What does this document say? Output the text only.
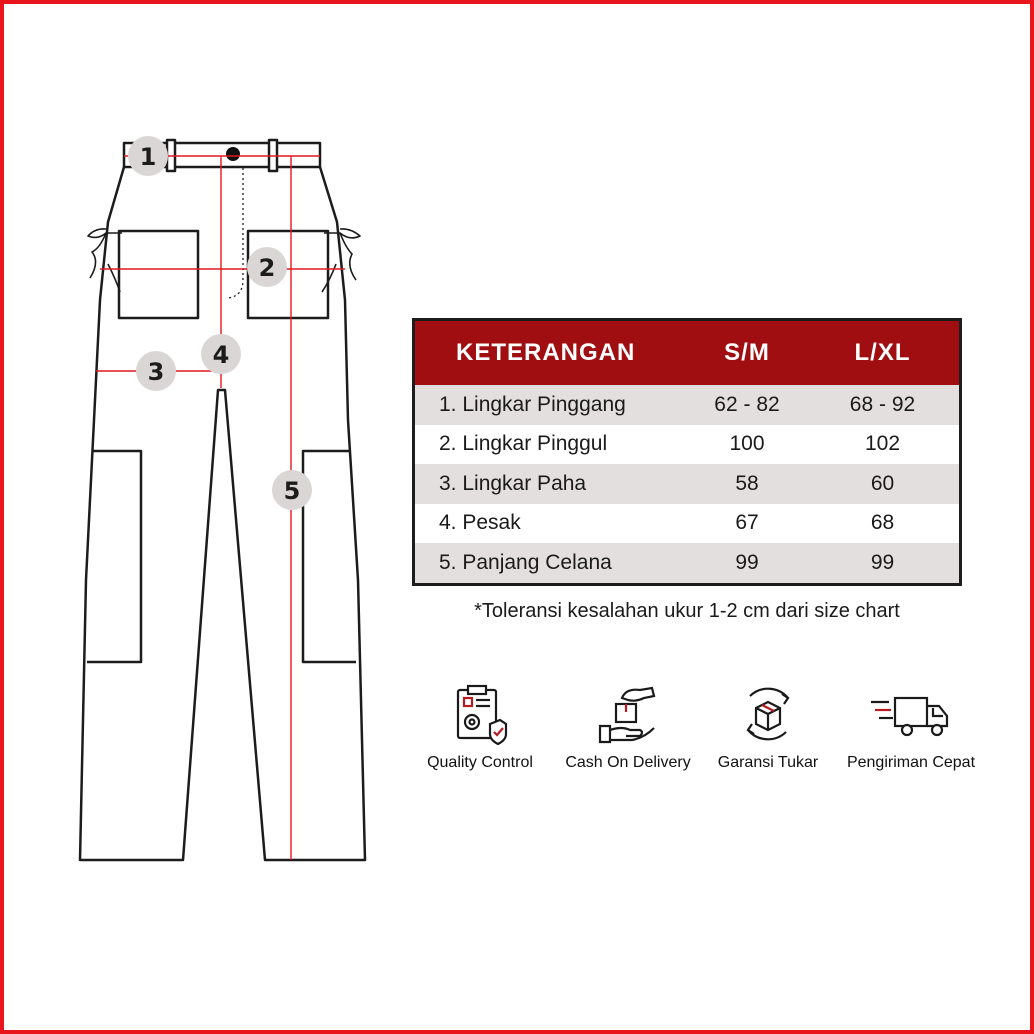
1
2
3
4
5
KETERANGAN	S/M	L/XL
1. Lingkar Pinggang	62 - 82	68 - 92
2. Lingkar Pinggul	100	102
3. Lingkar Paha	58	60
4. Pesak	67	68
5. Panjang Celana	99	99
*Toleransi kesalahan ukur 1-2 cm dari size chart
Quality Control	Cash On Delivery	Garansi Tukar	Pengiriman Cepat
